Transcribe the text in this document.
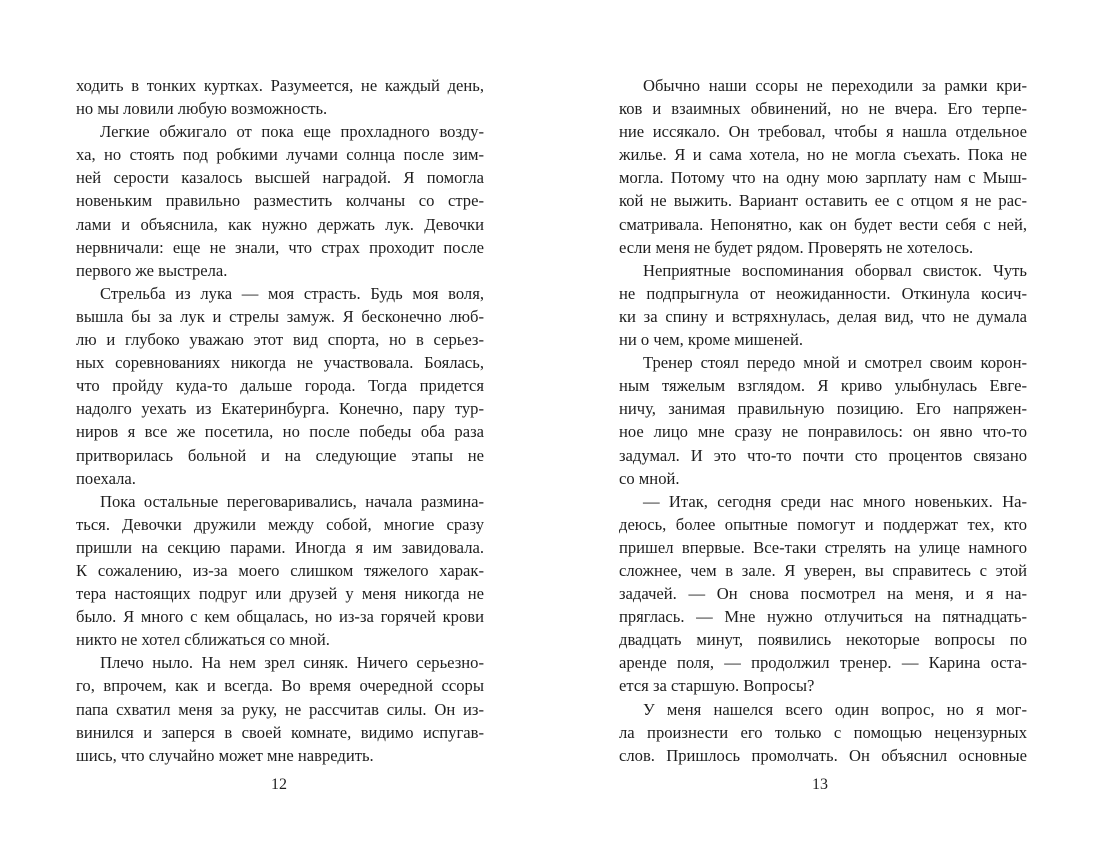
ходить в тонких куртках. Разумеется, не каждый день,
но мы ловили любую возможность.
Легкие обжигало от пока еще прохладного возду-
ха, но стоять под робкими лучами солнца после зим-
ней серости казалось высшей наградой. Я помогла
новеньким правильно разместить колчаны со стре-
лами и объяснила, как нужно держать лук. Девочки
нервничали: еще не знали, что страх проходит после
первого же выстрела.
Стрельба из лука — моя страсть. Будь моя воля,
вышла бы за лук и стрелы замуж. Я бесконечно люб-
лю и глубоко уважаю этот вид спорта, но в серьез-
ных соревнованиях никогда не участвовала. Боялась,
что пройду куда-то дальше города. Тогда придется
надолго уехать из Екатеринбурга. Конечно, пару тур-
ниров я все же посетила, но после победы оба раза
притворилась больной и на следующие этапы не
поехала.
Пока остальные переговаривались, начала размина-
ться. Девочки дружили между собой, многие сразу
пришли на секцию парами. Иногда я им завидовала.
К сожалению, из-за моего слишком тяжелого харак-
тера настоящих подруг или друзей у меня никогда не
было. Я много с кем общалась, но из-за горячей крови
никто не хотел сближаться со мной.
Плечо ныло. На нем зрел синяк. Ничего серьезно-
го, впрочем, как и всегда. Во время очередной ссоры
папа схватил меня за руку, не рассчитав силы. Он из-
винился и заперся в своей комнате, видимо испугав-
шись, что случайно может мне навредить.
12
Обычно наши ссоры не переходили за рамки кри-
ков и взаимных обвинений, но не вчера. Его терпе-
ние иссякало. Он требовал, чтобы я нашла отдельное
жилье. Я и сама хотела, но не могла съехать. Пока не
могла. Потому что на одну мою зарплату нам с Мыш-
кой не выжить. Вариант оставить ее с отцом я не рас-
сматривала. Непонятно, как он будет вести себя с ней,
если меня не будет рядом. Проверять не хотелось.
Неприятные воспоминания оборвал свисток. Чуть
не подпрыгнула от неожиданности. Откинула косич-
ки за спину и встряхнулась, делая вид, что не думала
ни о чем, кроме мишеней.
Тренер стоял передо мной и смотрел своим корон-
ным тяжелым взглядом. Я криво улыбнулась Евге-
ничу, занимая правильную позицию. Его напряжен-
ное лицо мне сразу не понравилось: он явно что-то
задумал. И это что-то почти сто процентов связано
со мной.
— Итак, сегодня среди нас много новеньких. На-
деюсь, более опытные помогут и поддержат тех, кто
пришел впервые. Все-таки стрелять на улице намного
сложнее, чем в зале. Я уверен, вы справитесь с этой
задачей. — Он снова посмотрел на меня, и я на-
пряглась. — Мне нужно отлучиться на пятнадцать-
двадцать минут, появились некоторые вопросы по
аренде поля, — продолжил тренер. — Карина оста-
ется за старшую. Вопросы?
У меня нашелся всего один вопрос, но я мог-
ла произнести его только с помощью нецензурных
слов. Пришлось промолчать. Он объяснил основные
13
